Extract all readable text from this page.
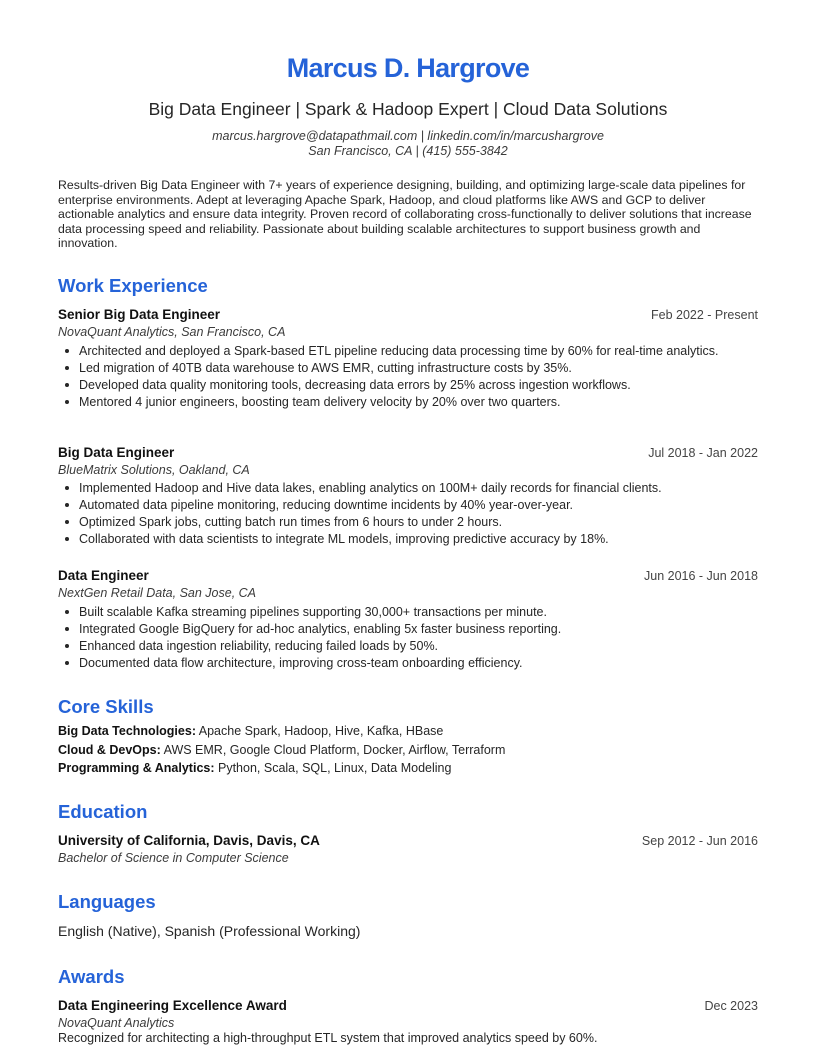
Marcus D. Hargrove
Big Data Engineer | Spark & Hadoop Expert | Cloud Data Solutions
marcus.hargrove@datapathmail.com | linkedin.com/in/marcushargrove
San Francisco, CA | (415) 555-3842

Results-driven Big Data Engineer with 7+ years of experience designing, building, and optimizing large-scale data pipelines for enterprise environments. Adept at leveraging Apache Spark, Hadoop, and cloud platforms like AWS and GCP to deliver actionable analytics and ensure data integrity. Proven record of collaborating cross-functionally to deliver solutions that increase data processing speed and reliability. Passionate about building scalable architectures to support business growth and innovation.

Work Experience
Senior Big Data Engineer	Feb 2022 - Present
NovaQuant Analytics, San Francisco, CA
Architected and deployed a Spark-based ETL pipeline reducing data processing time by 60% for real-time analytics.
Led migration of 40TB data warehouse to AWS EMR, cutting infrastructure costs by 35%.
Developed data quality monitoring tools, decreasing data errors by 25% across ingestion workflows.
Mentored 4 junior engineers, boosting team delivery velocity by 20% over two quarters.
Big Data Engineer	Jul 2018 - Jan 2022
BlueMatrix Solutions, Oakland, CA
Implemented Hadoop and Hive data lakes, enabling analytics on 100M+ daily records for financial clients.
Automated data pipeline monitoring, reducing downtime incidents by 40% year-over-year.
Optimized Spark jobs, cutting batch run times from 6 hours to under 2 hours.
Collaborated with data scientists to integrate ML models, improving predictive accuracy by 18%.
Data Engineer	Jun 2016 - Jun 2018
NextGen Retail Data, San Jose, CA
Built scalable Kafka streaming pipelines supporting 30,000+ transactions per minute.
Integrated Google BigQuery for ad-hoc analytics, enabling 5x faster business reporting.
Enhanced data ingestion reliability, reducing failed loads by 50%.
Documented data flow architecture, improving cross-team onboarding efficiency.
Core Skills
Big Data Technologies: Apache Spark, Hadoop, Hive, Kafka, HBase
Cloud & DevOps: AWS EMR, Google Cloud Platform, Docker, Airflow, Terraform
Programming & Analytics: Python, Scala, SQL, Linux, Data Modeling
Education
University of California, Davis, Davis, CA	Sep 2012 - Jun 2016
Bachelor of Science in Computer Science
Languages
English (Native), Spanish (Professional Working)
Awards
Data Engineering Excellence Award	Dec 2023
NovaQuant Analytics
Recognized for architecting a high-throughput ETL system that improved analytics speed by 60%.
